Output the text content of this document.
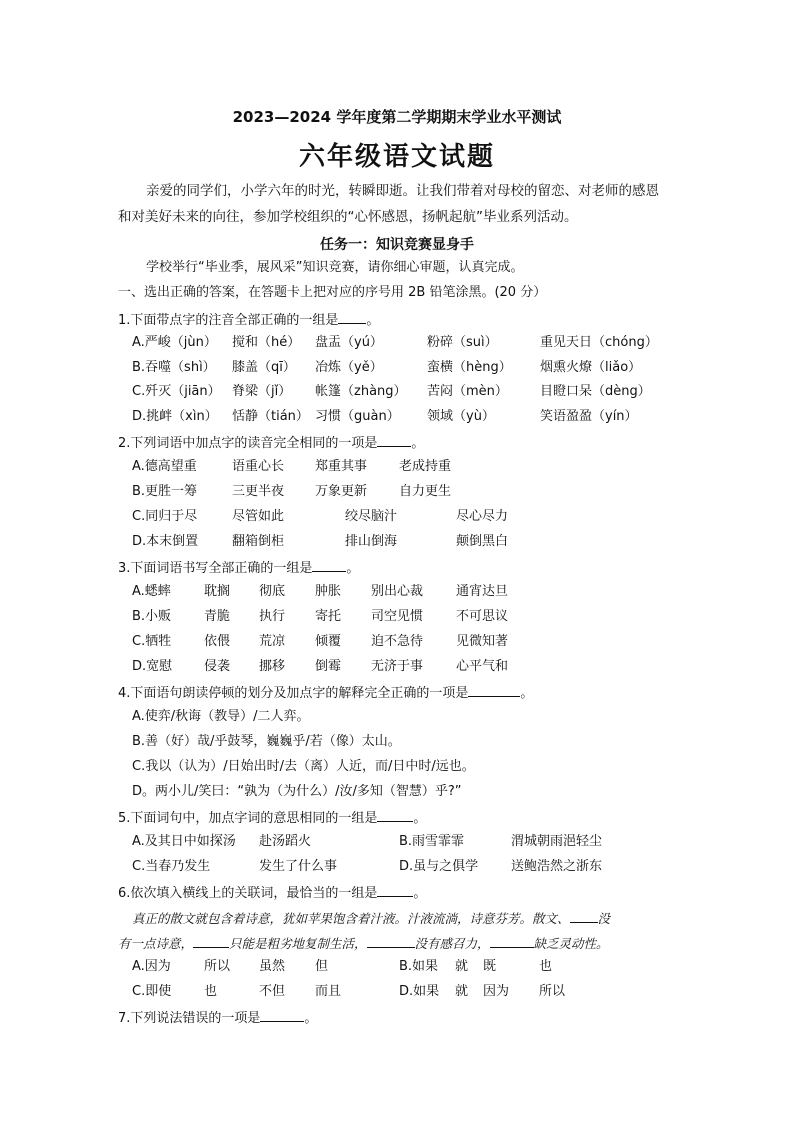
2023—2024 学年度第二学期期末学业水平测试
六年级语文试题
亲爱的同学们，小学六年的时光，转瞬即逝。让我们带着对母校的留恋、对老师的感恩
和对美好未来的向往，参加学校组织的“心怀感恩，扬帆起航”毕业系列活动。
任务一：知识竞赛显身手
学校举行“毕业季，展风采”知识竞赛，请你细心审题，认真完成。
一、选出正确的答案，在答题卡上把对应的序号用 2B 铅笔涂黑。(20 分）
1.下面带点字的注音全部正确的一组是 。
A.严峻（jùn） 搅和（hé） 盘盂（yú）	粉碎（suì）	重见天日（chóng）
B.吞噬（shì） 膝盖（qī） 冶炼（yě）	蛮横（hèng） 烟熏火燎（liǎo）
C.歼灭（jiān） 脊梁（jǐ） 帐篷（zhàng） 苦闷（mèn） 目瞪口呆（dèng）
D.挑衅（xìn） 恬静（tián） 习惯（guàn） 领域（yù）	笑语盈盈（yín）
2.下列词语中加点字的读音完全相同的一项是	。
A.德高望重	语重心长 郑重其事 老成持重
B.更胜一筹	三更半夜 万象更新 自力更生
C.同归于尽	尽管如此	绞尽脑汁	尽心尽力
D.本末倒置	翻箱倒柜	排山倒海	颠倒黑白
3.下面词语书写全部正确的一组是	。
A.蟋蟀	耽搁 彻底 肿胀 别出心裁	通宵达旦
B.小贩	青脆 执行 寄托 司空见惯	不可思议
C.牺牲	依偎 荒凉 倾覆 迫不急待	见微知著
D.宽慰 侵袭 挪移 倒霉 无济于事	心平气和
4.下面语句朗读停顿的划分及加点字的解释完全正确的一项是	。
A.使弈/秋诲（教导）/二人弈。
B.善（好）哉/乎鼓琴，巍巍乎/若（像）太山。
C.我以（认为）/日始出时/去（离）人近，而/日中时/远也。
D。两小儿/笑曰：“孰为（为什么）/汝/多知（智慧）乎?”
5.下面词句中，加点字词的意思相同的一组是	。
A.及其日中如探汤 赴汤蹈火	B.雨雪霏霏	渭城朝雨浥轻尘
C.当春乃发生	发生了什么事	D.虽与之俱学	送鲍浩然之浙东
6.依次填入横线上的关联词，最恰当的一组是	。
真正的散文就包含着诗意，犹如苹果饱含着汁液。汁液流淌，诗意芬芳。散文、 没
有一点诗意，	只能是粗劣地复制生活，	没有感召力，	缺乏灵动性。
A.因为	所以 虽然 但	B.如果 就 既	也
C.即使	也	不但 而且	D.如果 就 因为 所以
7.下列说法错误的一项是	。
